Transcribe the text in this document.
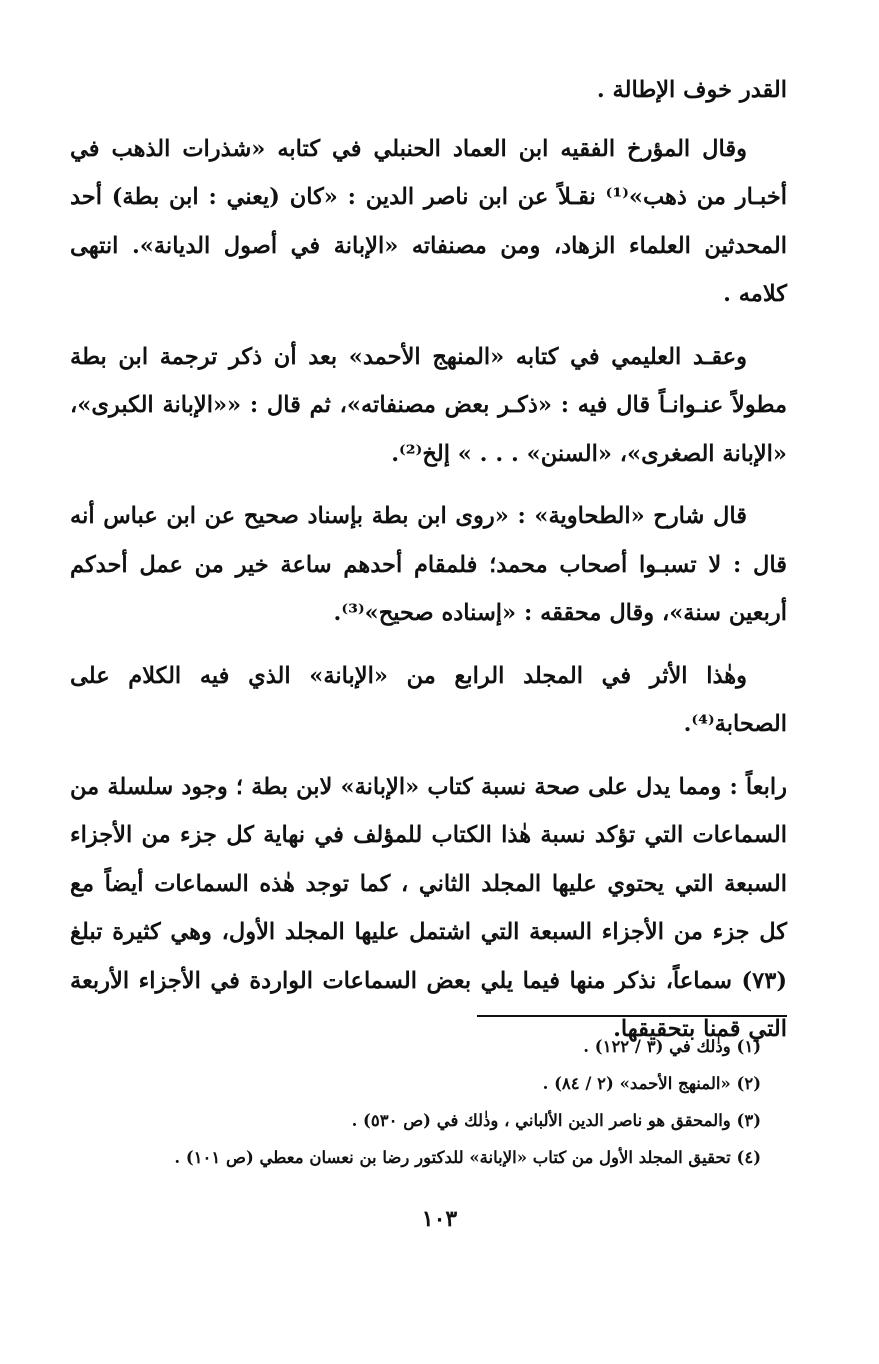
القدر خوف الإطالة .

وقال المؤرخ الفقيه ابن العماد الحنبلي في كتابه «شذرات الذهب في أخبـار من ذهب»⁽¹⁾ نقـلاً عن ابن ناصر الدين : «كان (يعني : ابن بطة) أحد المحدثين العلماء الزهاد، ومن مصنفاته «الإبانة في أصول الديانة». انتهى كلامه .

وعقـد العليمي في كتابه «المنهج الأحمد» بعد أن ذكر ترجمة ابن بطة مطولاً عنـوانـاً قال فيه : «ذكـر بعض مصنفاته»، ثم قال : ««الإبانة الكبرى»، «الإبانة الصغرى»، «السنن» . . . » إلخ⁽²⁾.

قال شارح «الطحاوية» : «روى ابن بطة بإسناد صحيح عن ابن عباس أنه قال : لا تسبـوا أصحاب محمد؛ فلمقام أحدهم ساعة خير من عمل أحدكم أربعين سنة»، وقال محققه : «إسناده صحيح»⁽³⁾.

وهٰذا الأثر في المجلد الرابع من «الإبانة» الذي فيه الكلام على الصحابة⁽⁴⁾.

رابعاً : ومما يدل على صحة نسبة كتاب «الإبانة» لابن بطة ؛ وجود سلسلة من السماعات التي تؤكد نسبة هٰذا الكتاب للمؤلف في نهاية كل جزء من الأجزاء السبعة التي يحتوي عليها المجلد الثاني ، كما توجد هٰذه السماعات أيضاً مع كل جزء من الأجزاء السبعة التي اشتمل عليها المجلد الأول، وهي كثيرة تبلغ (٧٣) سماعاً، نذكر منها فيما يلي بعض السماعات الواردة في الأجزاء الأربعة التي قمنا بتحقيقها.

(١) وذٰلك في (٣ / ١٢٢) .
(٢) «المنهج الأحمد» (٢ / ٨٤) .
(٣) والمحقق هو ناصر الدين الألباني ، وذٰلك في (ص ٥٣٠) .
(٤) تحقيق المجلد الأول من كتاب «الإبانة» للدكتور رضا بن نعسان معطي (ص ١٠١) .
١٠٣
